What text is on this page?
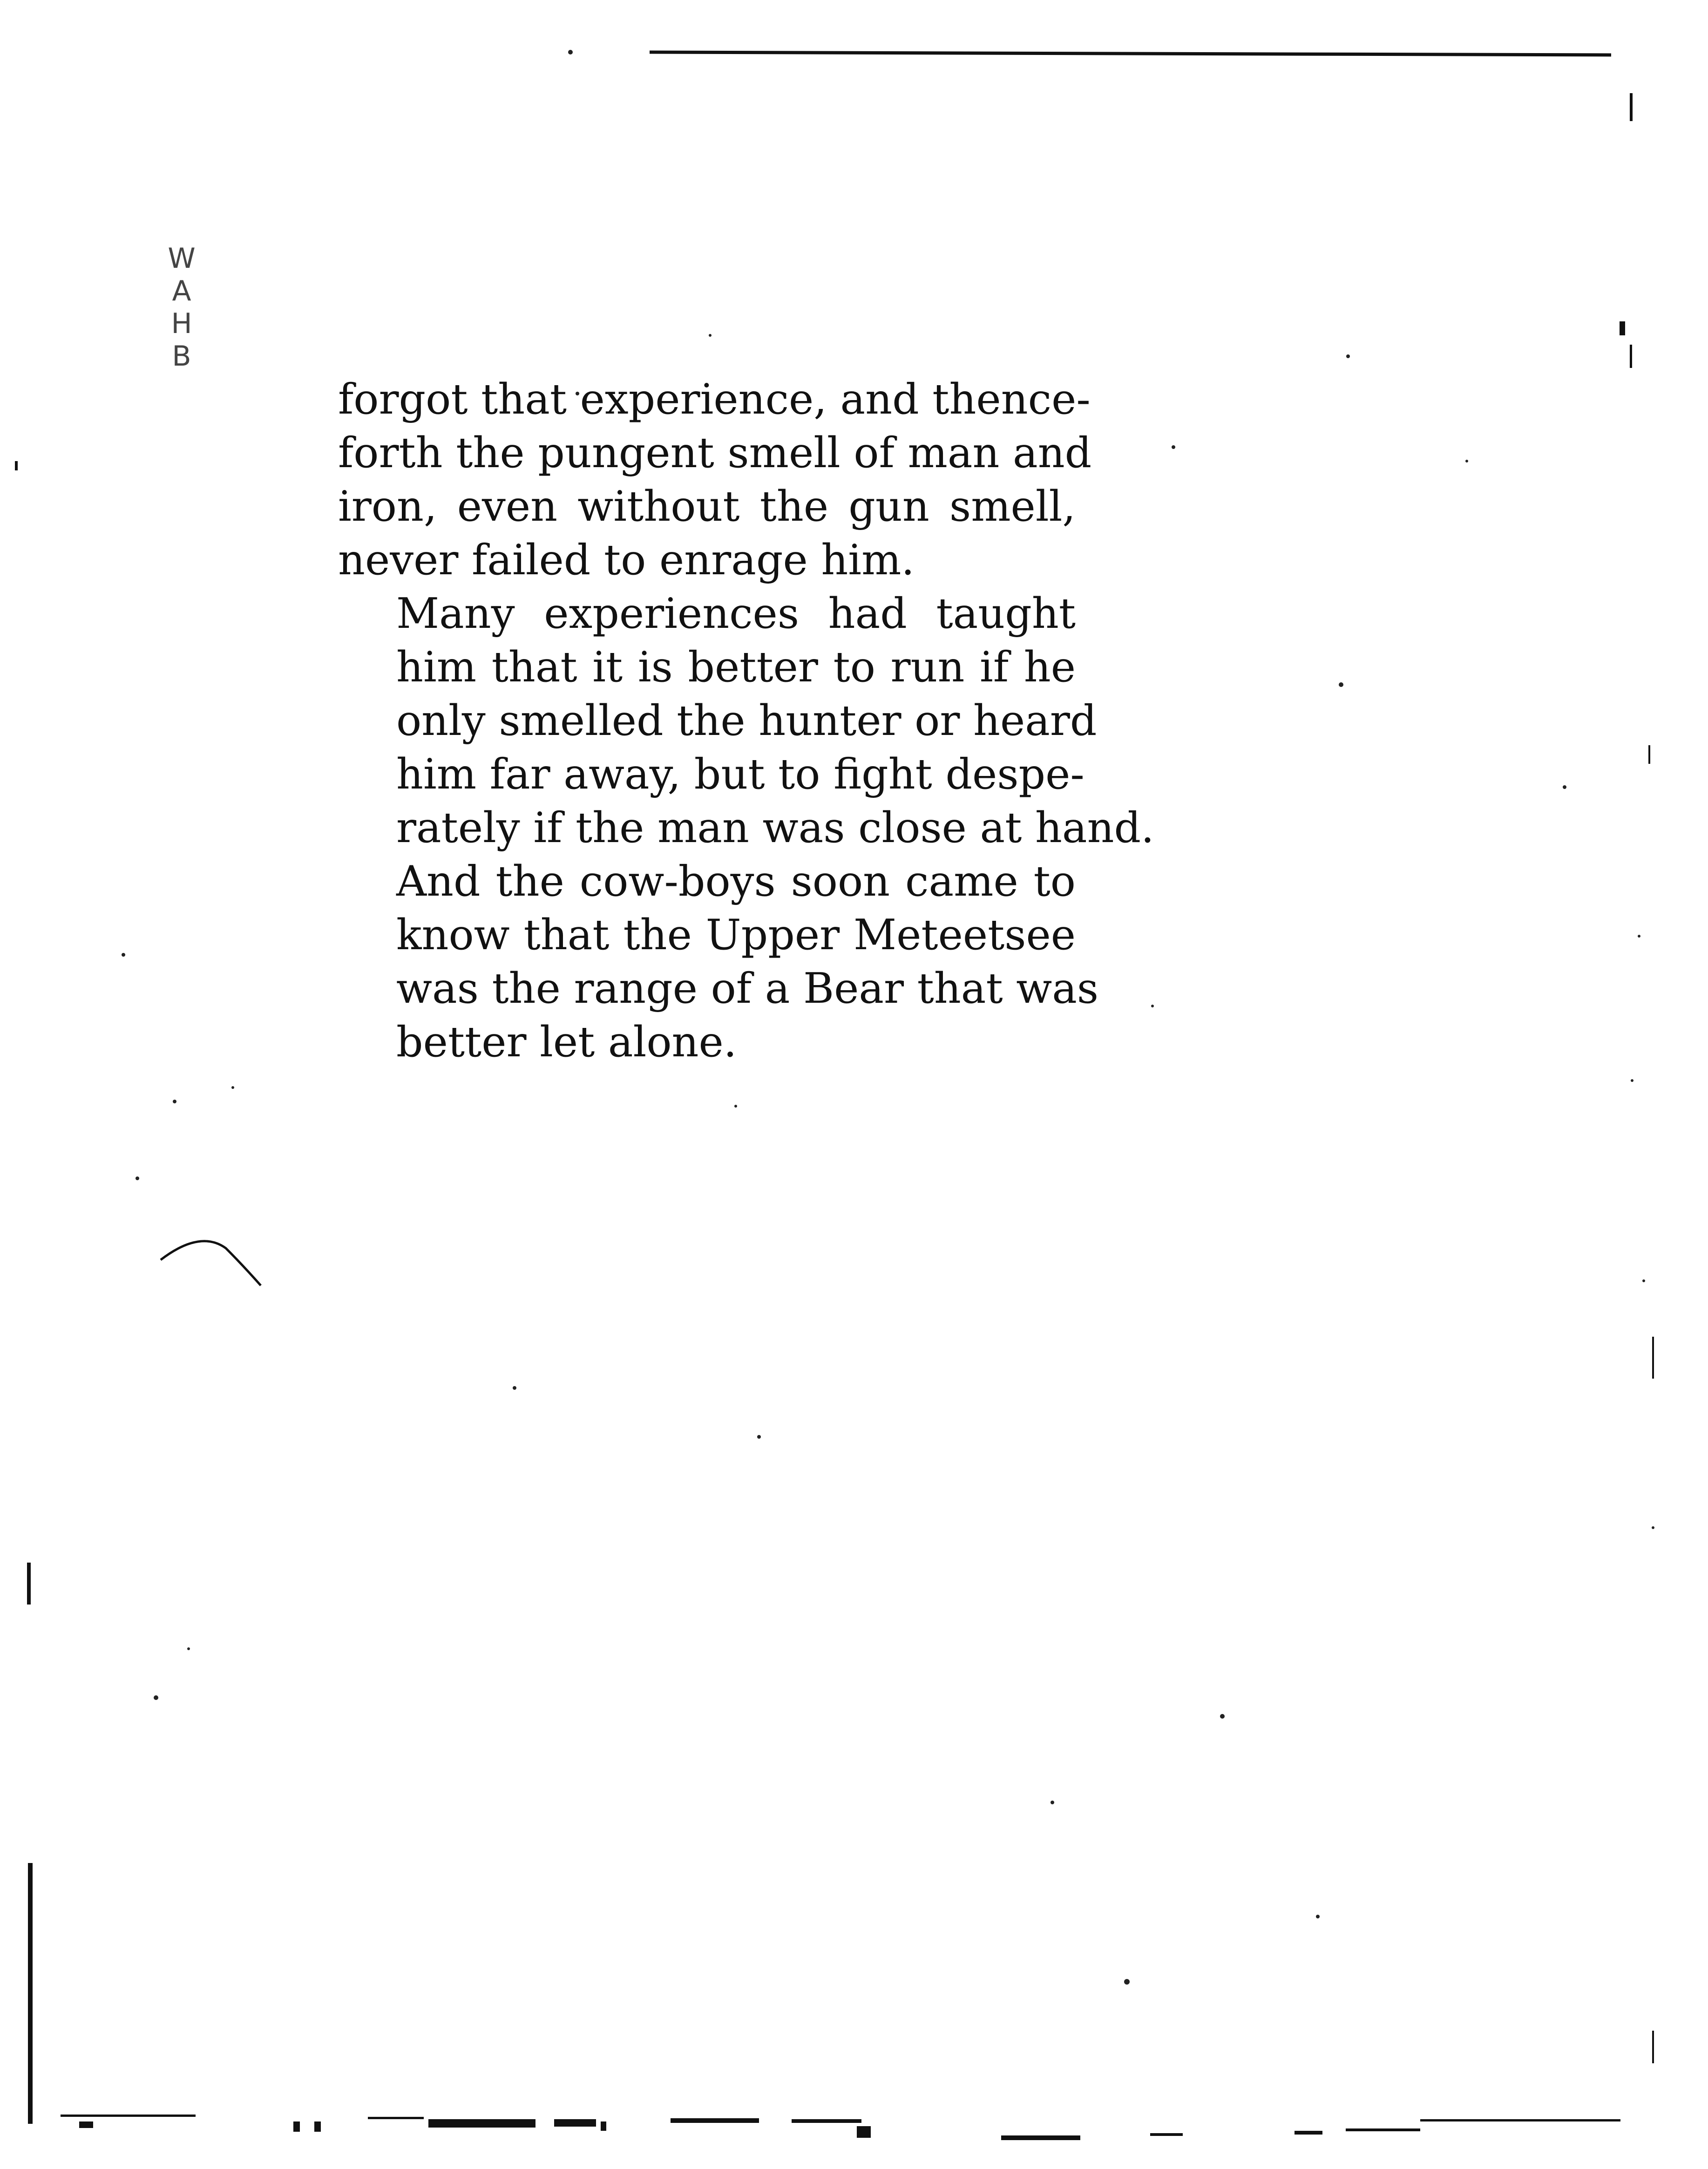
W
A
H
B

forgot that experience, and thence-
forth the pungent smell of man and
iron, even without the gun smell,
never failed to enrage him.

Many experiences had taught
him that it is better to run if he
only smelled the hunter or heard
him far away, but to fight despe-
rately if the man was close at hand.
And the cow-boys soon came to
know that the Upper Meteetsee
was the range of a Bear that was
better let alone.
